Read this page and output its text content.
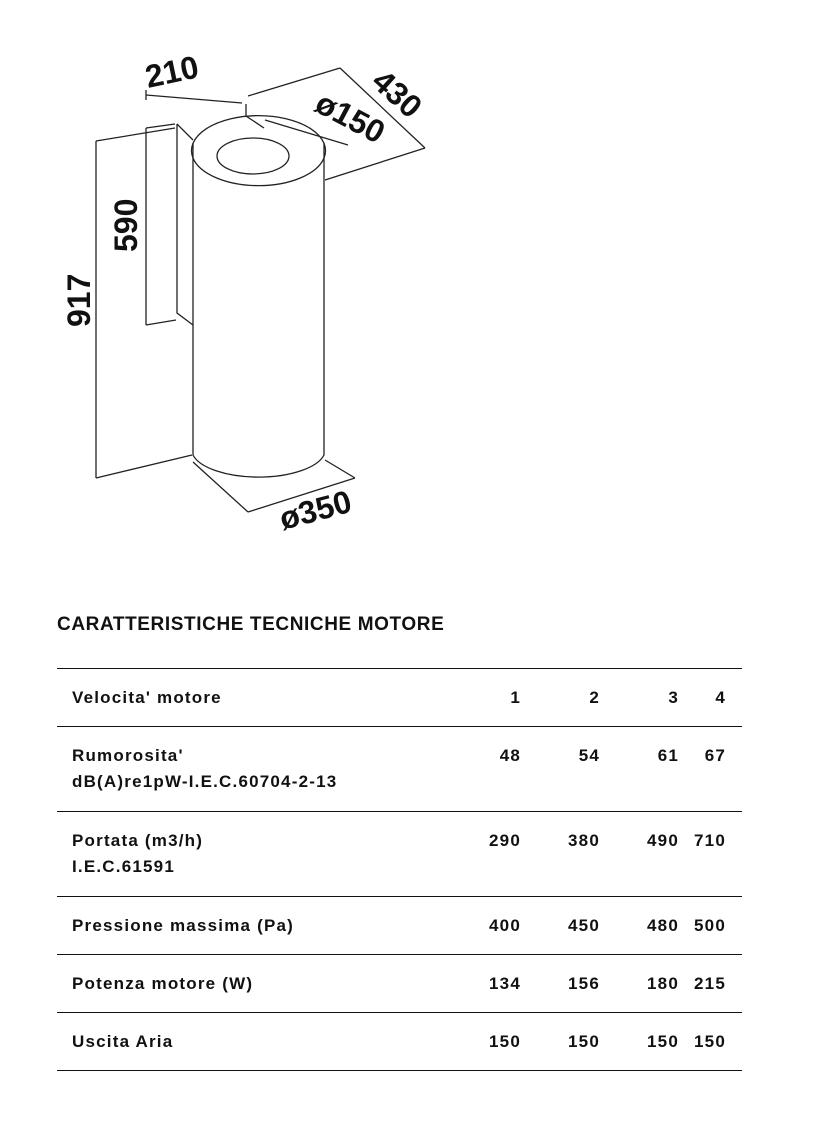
210	430
ø150
590
917
ø350
CARATTERISTICHE TECNICHE MOTORE
Velocita' motore	1	2	3	4
Rumorosita'
dB(A)re1pW-I.E.C.60704-2-13	48	54	61	67
Portata (m3/h)
I.E.C.61591	290	380	490	710
Pressione massima (Pa)	400	450	480	500
Potenza motore (W)	134	156	180	215
Uscita Aria	150	150	150	150
